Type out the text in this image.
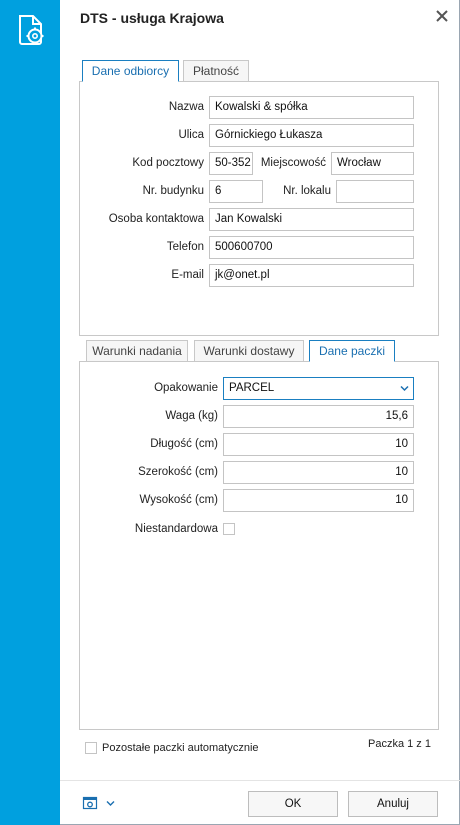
DTS - usługa Krajowa
Dane odbiorcy	Płatność
Nazwa Kowalski & spółka
Ulica Górnickiego Łukasza
Kod pocztowy 50-352 Miejscowość Wrocław
Nr. budynku 6	Nr. lokalu
Osoba kontaktowa Jan Kowalski
Telefon 500600700
E-mail jk@onet.pl
Warunki nadania	Warunki dostawy	Dane paczki
Opakowanie PARCEL
Waga (kg)	15,6
Długość (cm)	10
Szerokość (cm)	10
Wysokość (cm)	10
Niestandardowa
Pozostałe paczki automatycznie	Paczka 1 z 1
OK	Anuluj
